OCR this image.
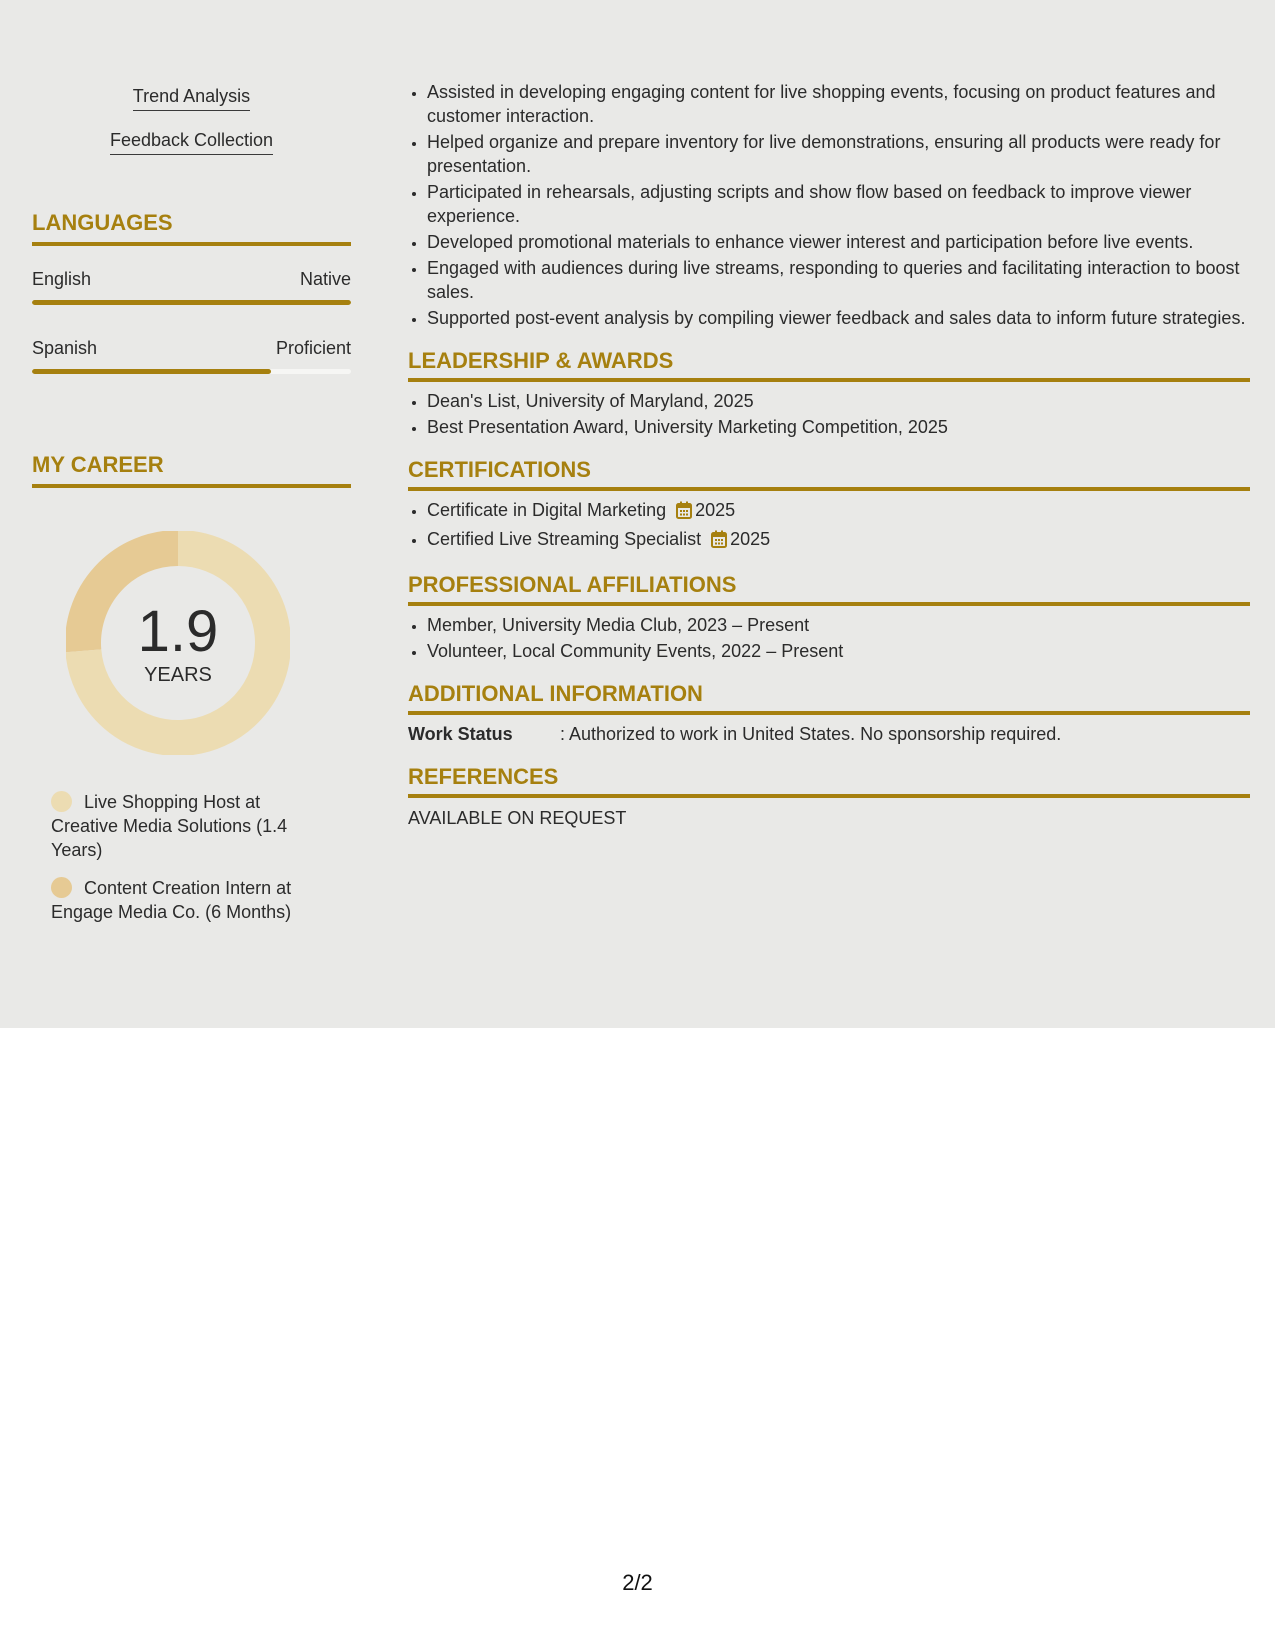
Trend Analysis
Feedback Collection
LANGUAGES
English	Native
Spanish	Proficient
MY CAREER
1.9
YEARS
Live Shopping Host at Creative Media Solutions (1.4 Years)
Content Creation Intern at Engage Media Co. (6 Months)
• Assisted in developing engaging content for live shopping events, focusing on product features and customer interaction.
• Helped organize and prepare inventory for live demonstrations, ensuring all products were ready for presentation.
• Participated in rehearsals, adjusting scripts and show flow based on feedback to improve viewer experience.
• Developed promotional materials to enhance viewer interest and participation before live events.
• Engaged with audiences during live streams, responding to queries and facilitating interaction to boost sales.
• Supported post-event analysis by compiling viewer feedback and sales data to inform future strategies.
LEADERSHIP & AWARDS
• Dean's List, University of Maryland, 2025
• Best Presentation Award, University Marketing Competition, 2025
CERTIFICATIONS
• Certificate in Digital Marketing 2025
• Certified Live Streaming Specialist 2025
PROFESSIONAL AFFILIATIONS
• Member, University Media Club, 2023 – Present
• Volunteer, Local Community Events, 2022 – Present
ADDITIONAL INFORMATION
Work Status	: Authorized to work in United States. No sponsorship required.
REFERENCES
AVAILABLE ON REQUEST
2/2
